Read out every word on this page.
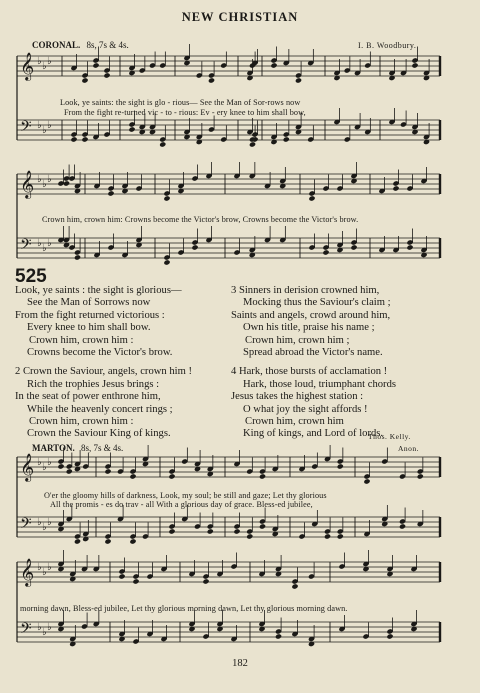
NEW CHRISTIAN
CORONAL. 8s, 7s & 4s.	I. B. Woodbury.
𝄞 ♭ ♭ ♭
𝄢 ♭ ♭ ♭
Look, ye saints: the sight is glo - rious— See the Man of Sor-rows now
From the fight re-turned vic - to - rious: Ev - ery knee to him shall bow,
𝄞 ♭ ♭ ♭
𝄢 ♭ ♭ ♭
Crown him, crown him: Crowns become the Victor's brow, Crowns become the Victor's brow.
525
Look, ye saints : the sight is glorious—
See the Man of Sorrows now
From the fight returned victorious :
Every knee to him shall bow.
Crown him, crown him :
Crowns become the Victor's brow.
2 Crown the Saviour, angels, crown him !
Rich the trophies Jesus brings :
In the seat of power enthrone him,
While the heavenly concert rings ;
Crown him, crown him :
Crown the Saviour King of kings.
3 Sinners in derision crowned him,
Mocking thus the Saviour's claim ;
Saints and angels, crowd around him,
Own his title, praise his name ;
Crown him, crown him ;
Spread abroad the Victor's name.
4 Hark, those bursts of acclamation !
Hark, those loud, triumphant chords
Jesus takes the highest station :
O what joy the sight affords !
Crown him, crown him
King of kings, and Lord of lords.
Thos. Kelly.
Anon.
MARTON. 8s, 7s & 4s.
𝄞 ♭ ♭ ♭
𝄢 ♭ ♭ ♭
O'er the gloomy hills of darkness, Look, my soul; be still and gaze; Let thy glorious
All the promis - es do trav - all With a glorious day of grace. Bless-ed jubilee,
𝄞 ♭ ♭ ♭
𝄢 ♭ ♭ ♭
morning dawn, Bless-ed jubilee, Let thy glorious morning dawn, Let thy glorious morning dawn.
182
